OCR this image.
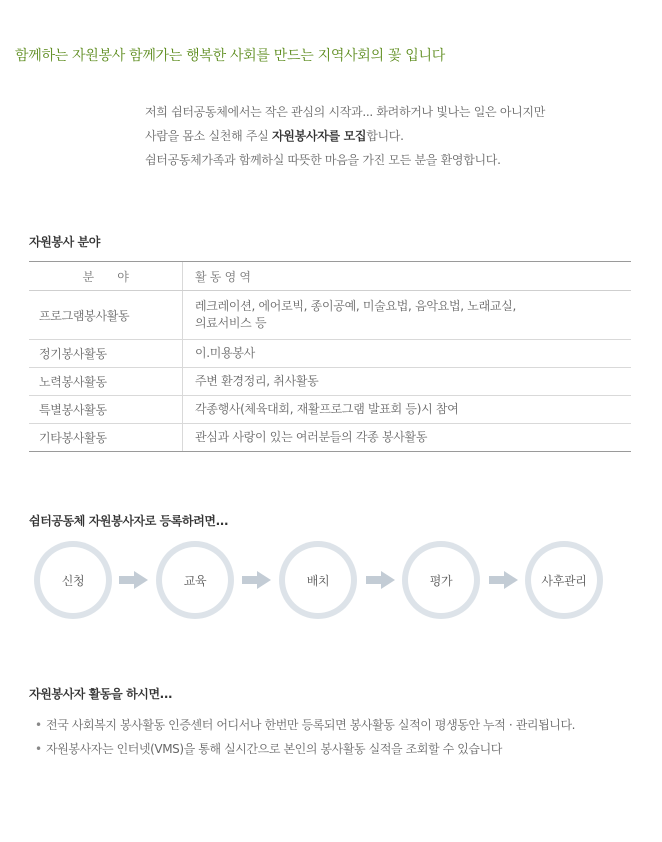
함께하는 자원봉사 함께가는 행복한 사회를 만드는 지역사회의 꽃 입니다
저희 쉼터공동체에서는 작은 관심의 시작과... 화려하거나 빛나는 일은 아니지만
사람을 몸소 실천해 주실 자원봉사자를 모집합니다.
쉼터공동체가족과 함께하실 따뜻한 마음을 가진 모든 분을 환영합니다.
자원봉사 분야
분　　야	활 동 영 역
프로그램봉사활동	레크레이션, 에어로빅, 종이공예, 미술요법, 음악요법, 노래교실,
의료서비스 등

정기봉사활동	이.미용봉사
노력봉사활동	주변 환경정리, 취사활동
특별봉사활동	각종행사(체육대회, 재활프로그램 발표회 등)시 참여
기타봉사활동	관심과 사랑이 있는 여러분들의 각종 봉사활동
쉼터공동체 자원봉사자로 등록하려면...
신청	교육	배치	평가	사후관리
자원봉사자 활동을 하시면...
• 전국 사회복지 봉사활동 인증센터 어디서나 한번만 등록되면 봉사활동 실적이 평생동안 누적 · 관리됩니다.
• 자원봉사자는 인터넷(VMS)을 통해 실시간으로 본인의 봉사활동 실적을 조회할 수 있습니다
